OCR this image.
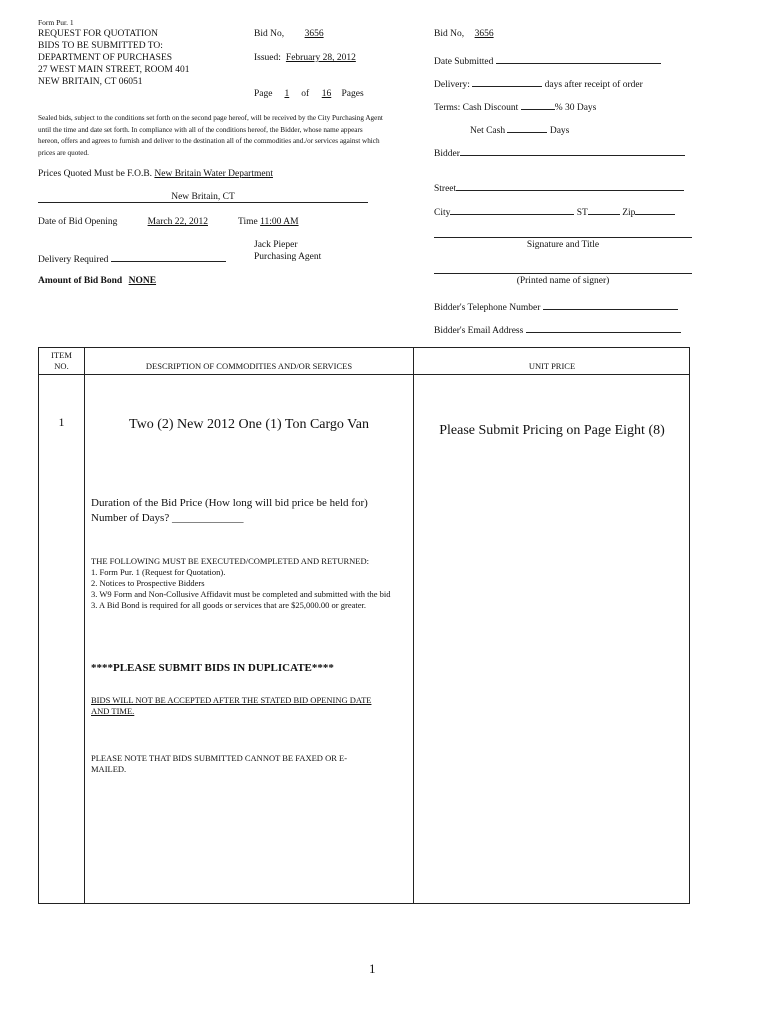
Form Pur. 1
REQUEST FOR QUOTATION
BIDS TO BE SUBMITTED TO:
DEPARTMENT OF PURCHASES
27 WEST MAIN STREET, ROOM 401
NEW BRITAIN, CT 06051
Bid No, 3656
Issued: February 28, 2012
Page 1 of 16 Pages
Sealed bids, subject to the conditions set forth on the second page hereof, will be received by the City Purchasing Agent until the time and date set forth. In compliance with all of the conditions hereof, the Bidder, whose name appears hereon, offers and agrees to furnish and deliver to the destination all of the commodities and./or services against which prices are quoted.
Prices Quoted Must be F.O.B. New Britain Water Department
New Britain, CT
Date of Bid Opening	March 22, 2012	Time 11:00 AM
Jack Pieper
Purchasing Agent
Delivery Required
Amount of Bid Bond NONE
Bid No, 3656
Date Submitted
Delivery:	days after receipt of order
Terms: Cash Discount	% 30 Days
Net Cash	Days
Bidder
Street
City	ST	Zip
Signature and Title
(Printed name of signer)
Bidder's Telephone Number
Bidder's Email Address
ITEM
NO.	DESCRIPTION OF COMMODITIES AND/OR SERVICES	UNIT PRICE
1	Two (2) New 2012 One (1) Ton Cargo Van	Please Submit Pricing on Page Eight (8)
Duration of the Bid Price (How long will bid price be held for) Number of Days? _____________
THE FOLLOWING MUST BE EXECUTED/COMPLETED AND RETURNED:
1. Form Pur. 1 (Request for Quotation).
2. Notices to Prospective Bidders
3. W9 Form and Non-Collusive Affidavit must be completed and submitted with the bid
3. A Bid Bond is required for all goods or services that are $25,000.00 or greater.
****PLEASE SUBMIT BIDS IN DUPLICATE****
BIDS WILL NOT BE ACCEPTED AFTER THE STATED BID OPENING DATE AND TIME.
PLEASE NOTE THAT BIDS SUBMITTED CANNOT BE FAXED OR E-MAILED.
1
